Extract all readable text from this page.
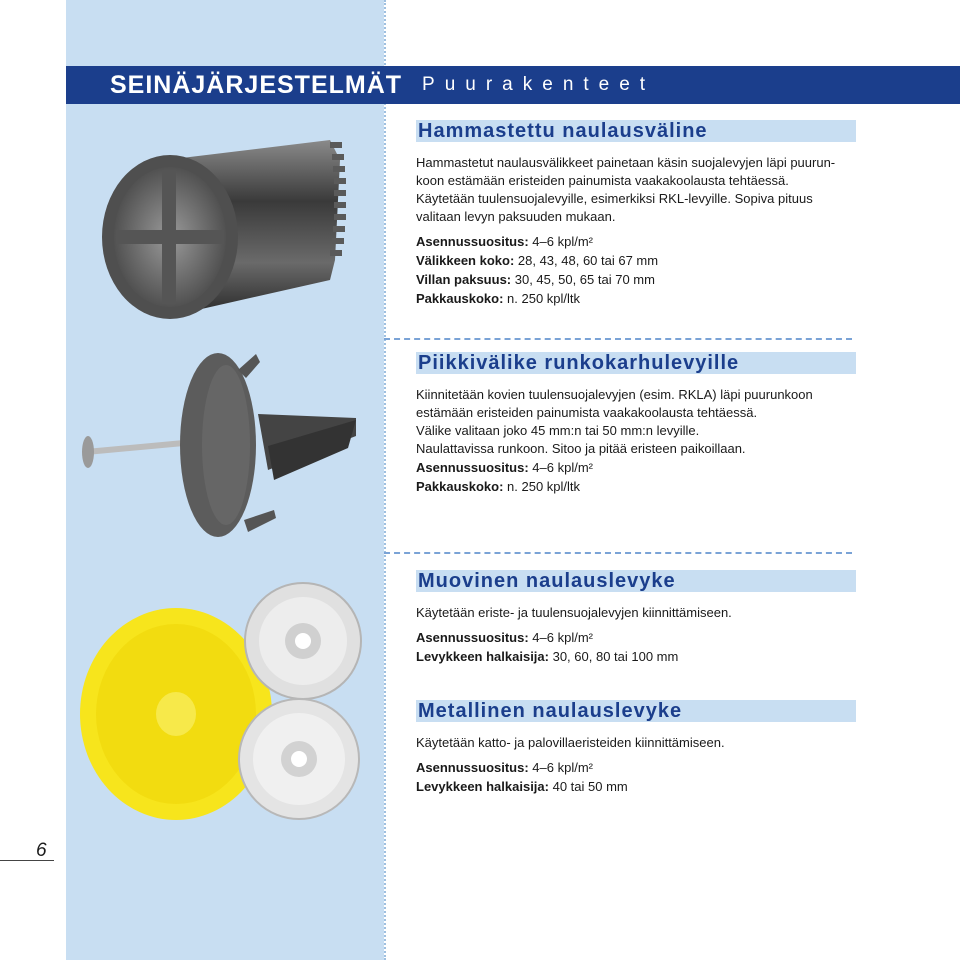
SEINÄJÄRJESTELMÄT Puurakenteet
Hammastettu naulausväline

Hammastetut naulausvälikkeet painetaan käsin suojalevyjen läpi puurun-

koon estämään eristeiden painumista vaakakoolausta tehtäessä.

Käytetään tuulensuojalevyille, esimerkiksi RKL-levyille. Sopiva pituus

valitaan levyn paksuuden mukaan.

Asennussuositus: 4–6 kpl/m²

Välikkeen koko: 28, 43, 48, 60 tai 67 mm

Villan paksuus: 30, 45, 50, 65 tai 70 mm

Pakkauskoko: n. 250 kpl/ltk

Piikkivälike runkokarhulevyille

Kiinnitetään kovien tuulensuojalevyjen (esim. RKLA) läpi puurunkoon

estämään eristeiden painumista vaakakoolausta tehtäessä.

Välike valitaan joko 45 mm:n tai 50 mm:n levyille.

Naulattavissa runkoon. Sitoo ja pitää eristeen paikoillaan.

Asennussuositus: 4–6 kpl/m²

Pakkauskoko: n. 250 kpl/ltk

Muovinen naulauslevyke

Käytetään eriste- ja tuulensuojalevyjen kiinnittämiseen.

Asennussuositus: 4–6 kpl/m²

Levykkeen halkaisija: 30, 60, 80 tai 100 mm

Metallinen naulauslevyke

Käytetään katto- ja palovillaeristeiden kiinnittämiseen.

Asennussuositus: 4–6 kpl/m²

Levykkeen halkaisija: 40 tai 50 mm

6
